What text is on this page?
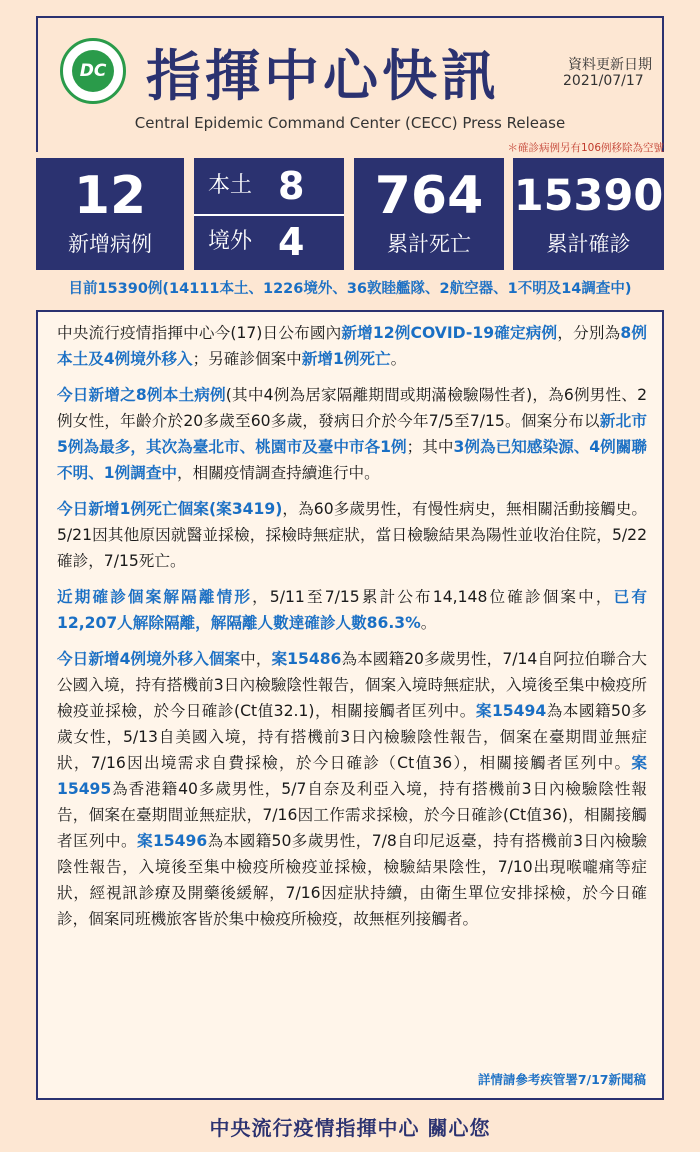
DC 指揮中心快訊	資料更新日期
2021/07/17
Central Epidemic Command Center (CECC) Press Release
＊確診病例另有106例移除為空號
12
新增病例
本土 8
境外 4
764
累計死亡
15390
累計確診
目前15390例(14111本土、1226境外、36敦睦艦隊、2航空器、1不明及14調查中)

中央流行疫情指揮中心今(17)日公布國內新增12例COVID-19確定病例，分別為8例本土及4例境外移入；另確診個案中新增1例死亡。

今日新增之8例本土病例(其中4例為居家隔離期間或期滿檢驗陽性者)，為6例男性、2例女性，年齡介於20多歲至60多歲，發病日介於今年7/5至7/15。個案分布以新北市5例為最多，其次為臺北市、桃園市及臺中市各1例；其中3例為已知感染源、4例關聯不明、1例調查中，相關疫情調查持續進行中。

今日新增1例死亡個案(案3419)，為60多歲男性，有慢性病史，無相關活動接觸史。5/21因其他原因就醫並採檢，採檢時無症狀，當日檢驗結果為陽性並收治住院，5/22確診，7/15死亡。

近期確診個案解隔離情形，5/11至7/15累計公布14,148位確診個案中，已有12,207人解除隔離，解隔離人數達確診人數86.3%。

今日新增4例境外移入個案中，案15486為本國籍20多歲男性，7/14自阿拉伯聯合大公國入境，持有搭機前3日內檢驗陰性報告，個案入境時無症狀，入境後至集中檢疫所檢疫並採檢，於今日確診(Ct值32.1)，相關接觸者匡列中。案15494為本國籍50多歲女性，5/13自美國入境，持有搭機前3日內檢驗陰性報告，個案在臺期間並無症狀，7/16因出境需求自費採檢，於今日確診（Ct值36），相關接觸者匡列中。案15495為香港籍40多歲男性，5/7自奈及利亞入境，持有搭機前3日內檢驗陰性報告，個案在臺期間並無症狀，7/16因工作需求採檢，於今日確診(Ct值36)，相關接觸者匡列中。案15496為本國籍50多歲男性，7/8自印尼返臺，持有搭機前3日內檢驗陰性報告，入境後至集中檢疫所檢疫並採檢，檢驗結果陰性，7/10出現喉嚨痛等症狀，經視訊診療及開藥後緩解，7/16因症狀持續，由衛生單位安排採檢，於今日確診，個案同班機旅客皆於集中檢疫所檢疫，故無框列接觸者。

詳情請參考疾管署7/17新聞稿
中央流行疫情指揮中心 關心您
